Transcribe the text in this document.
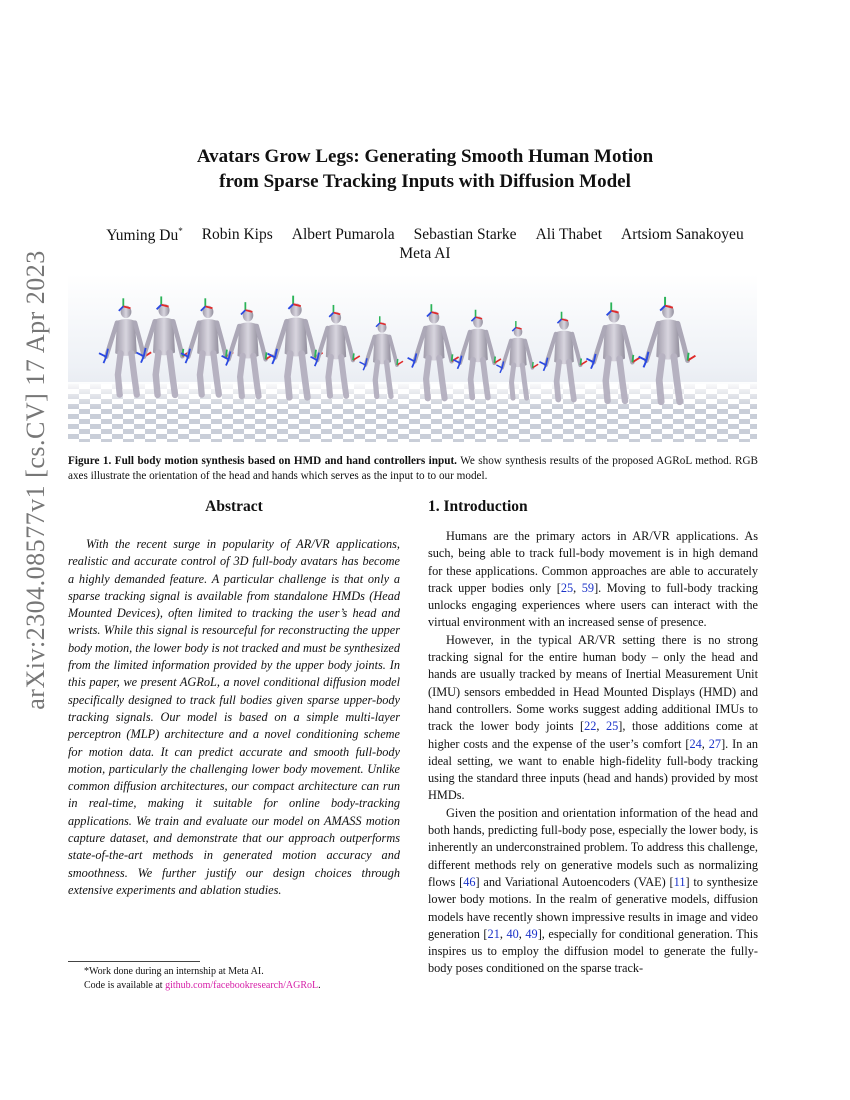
arXiv:2304.08577v1 [cs.CV] 17 Apr 2023
Avatars Grow Legs: Generating Smooth Human Motion
from Sparse Tracking Inputs with Diffusion Model
Yuming Du* Robin Kips Albert Pumarola Sebastian Starke Ali Thabet Artsiom Sanakoyeu
Meta AI
Figure 1. Full body motion synthesis based on HMD and hand controllers input. We show synthesis results of the proposed AGRoL method. RGB axes illustrate the orientation of the head and hands which serves as the input to to our model.
Abstract
With the recent surge in popularity of AR/VR applications, realistic and accurate control of 3D full-body avatars has become a highly demanded feature. A particular challenge is that only a sparse tracking signal is available from standalone HMDs (Head Mounted Devices), often limited to tracking the user’s head and wrists. While this signal is resourceful for reconstructing the upper body motion, the lower body is not tracked and must be synthesized from the limited information provided by the upper body joints. In this paper, we present AGRoL, a novel conditional diffusion model specifically designed to track full bodies given sparse upper-body tracking signals. Our model is based on a simple multi-layer perceptron (MLP) architecture and a novel conditioning scheme for motion data. It can predict accurate and smooth full-body motion, particularly the challenging lower body movement. Unlike common diffusion architectures, our compact architecture can run in real-time, making it suitable for online body-tracking applications. We train and evaluate our model on AMASS motion capture dataset, and demonstrate that our approach outperforms state-of-the-art methods in generated motion accuracy and smoothness. We further justify our design choices through extensive experiments and ablation studies.
1. Introduction

Humans are the primary actors in AR/VR applications. As such, being able to track full-body movement is in high demand for these applications. Common approaches are able to accurately track upper bodies only [25, 59]. Moving to full-body tracking unlocks engaging experiences where users can interact with the virtual environment with an increased sense of presence.

However, in the typical AR/VR setting there is no strong tracking signal for the entire human body – only the head and hands are usually tracked by means of Inertial Measurement Unit (IMU) sensors embedded in Head Mounted Displays (HMD) and hand controllers. Some works suggest adding additional IMUs to track the lower body joints [22, 25], those additions come at higher costs and the expense of the user’s comfort [24, 27]. In an ideal setting, we want to enable high-fidelity full-body tracking using the standard three inputs (head and hands) provided by most HMDs.

Given the position and orientation information of the head and both hands, predicting full-body pose, especially the lower body, is inherently an underconstrained problem. To address this challenge, different methods rely on generative models such as normalizing flows [46] and Variational Autoencoders (VAE) [11] to synthesize lower body motions. In the realm of generative models, diffusion models have recently shown impressive results in image and video generation [21, 40, 49], especially for conditional generation. This inspires us to employ the diffusion model to generate the fully-body poses conditioned on the sparse track-

*Work done during an internship at Meta AI.
Code is available at github.com/facebookresearch/AGRoL.
